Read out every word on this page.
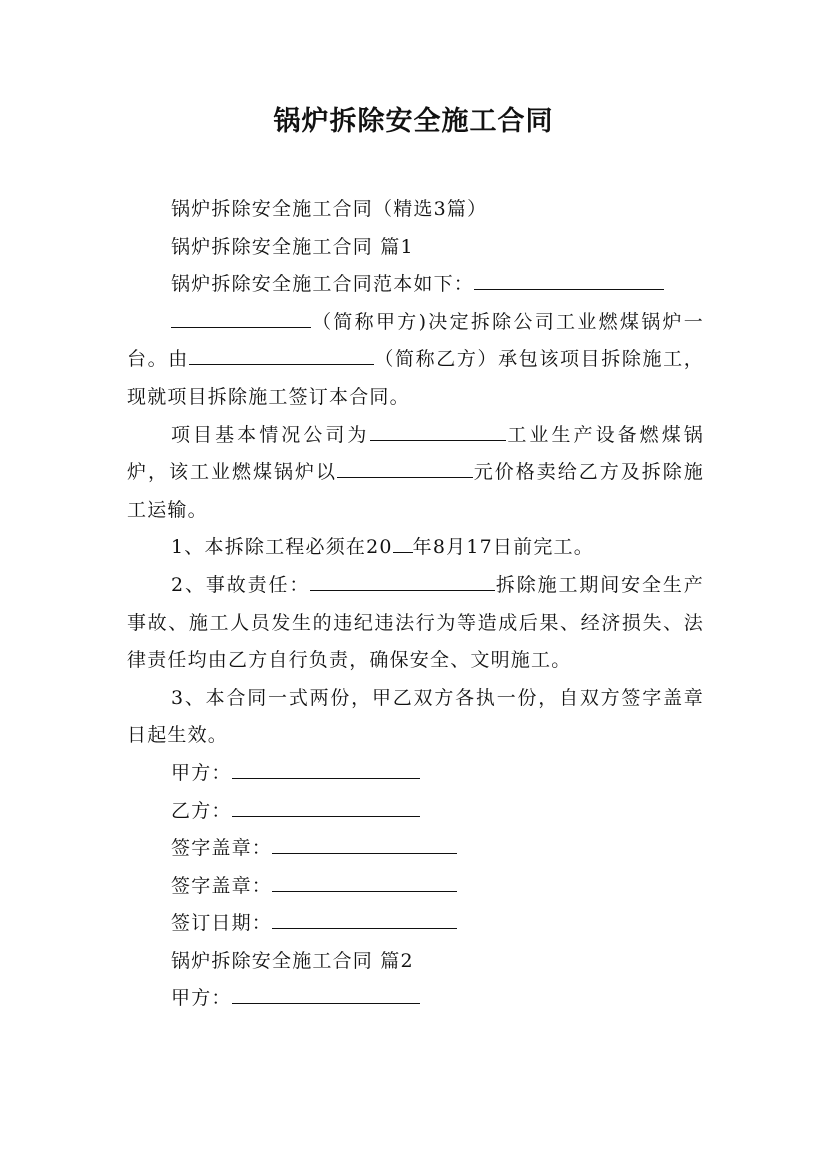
锅炉拆除安全施工合同

锅炉拆除安全施工合同（精选3篇）

锅炉拆除安全施工合同 篇1

锅炉拆除安全施工合同范本如下：

（简称甲方)决定拆除公司工业燃煤锅炉一台。由	（简称乙方）承包该项目拆除施工，现就项目拆除施工签订本合同。

项目基本情况公司为	工业生产设备燃煤锅炉，该工业燃煤锅炉以	元价格卖给乙方及拆除施工运输。

1、本拆除工程必须在20 年8月17日前完工。

2、事故责任：	拆除施工期间安全生产事故、施工人员发生的违纪违法行为等造成后果、经济损失、法律责任均由乙方自行负责，确保安全、文明施工。

3、本合同一式两份，甲乙双方各执一份，自双方签字盖章日起生效。

甲方：

乙方：

签字盖章：

签字盖章：

签订日期：

锅炉拆除安全施工合同 篇2

甲方：
